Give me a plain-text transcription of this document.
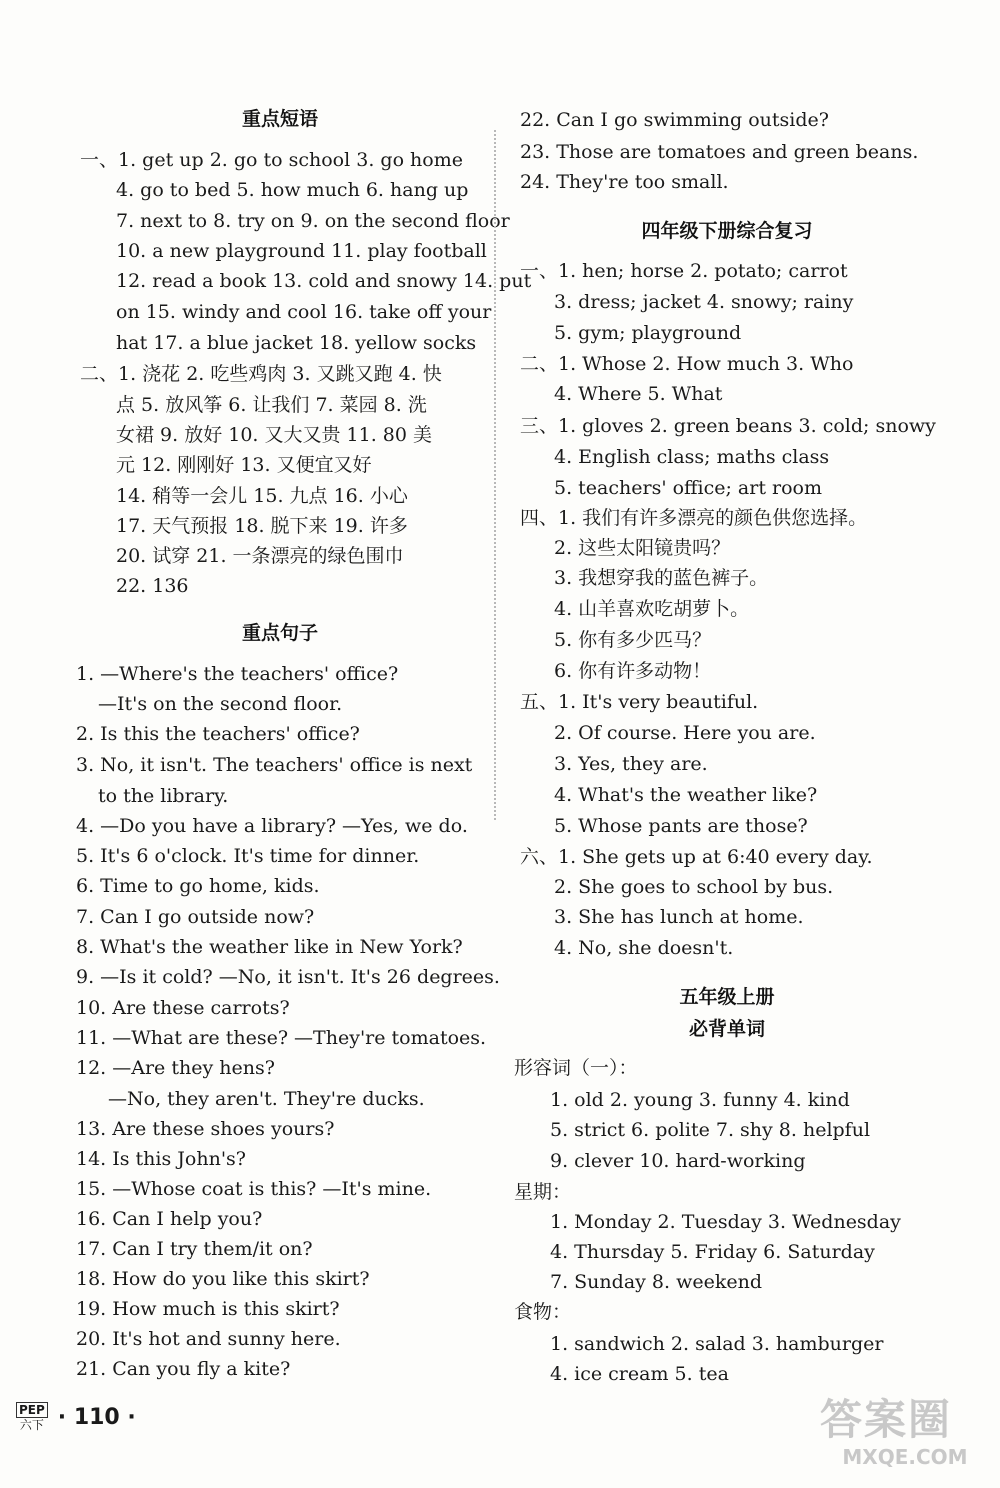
重点短语
一、1. get up 2. go to school 3. go home
4. go to bed 5. how much 6. hang up
7. next to 8. try on 9. on the second floor
10. a new playground 11. play football
12. read a book 13. cold and snowy 14. put
on 15. windy and cool 16. take off your
hat 17. a blue jacket 18. yellow socks
二、1. 浇花 2. 吃些鸡肉 3. 又跳又跑 4. 快
点 5. 放风筝 6. 让我们 7. 菜园 8. 洗
女裙 9. 放好 10. 又大又贵 11. 80 美
元 12. 刚刚好 13. 又便宜又好
14. 稍等一会儿 15. 九点 16. 小心
17. 天气预报 18. 脱下来 19. 许多
20. 试穿 21. 一条漂亮的绿色围巾
22. 136
重点句子
1. —Where's the teachers' office?
—It's on the second floor.
2. Is this the teachers' office?
3. No, it isn't. The teachers' office is next
to the library.
4. —Do you have a library? —Yes, we do.
5. It's 6 o'clock. It's time for dinner.
6. Time to go home, kids.
7. Can I go outside now?
8. What's the weather like in New York?
9. —Is it cold? —No, it isn't. It's 26 degrees.
10. Are these carrots?
11. —What are these? —They're tomatoes.
12. —Are they hens?
—No, they aren't. They're ducks.
13. Are these shoes yours?
14. Is this John's?
15. —Whose coat is this? —It's mine.
16. Can I help you?
17. Can I try them/it on?
18. How do you like this skirt?
19. How much is this skirt?
20. It's hot and sunny here.
21. Can you fly a kite?
22. Can I go swimming outside?
23. Those are tomatoes and green beans.
24. They're too small.
四年级下册综合复习
一、1. hen; horse 2. potato; carrot
3. dress; jacket 4. snowy; rainy
5. gym; playground
二、1. Whose 2. How much 3. Who
4. Where 5. What
三、1. gloves 2. green beans 3. cold; snowy
4. English class; maths class
5. teachers' office; art room
四、1. 我们有许多漂亮的颜色供您选择。
2. 这些太阳镜贵吗？
3. 我想穿我的蓝色裤子。
4. 山羊喜欢吃胡萝卜。
5. 你有多少匹马？
6. 你有许多动物！
五、1. It's very beautiful.
2. Of course. Here you are.
3. Yes, they are.
4. What's the weather like?
5. Whose pants are those?
六、1. She gets up at 6:40 every day.
2. She goes to school by bus.
3. She has lunch at home.
4. No, she doesn't.
五年级上册
必背单词
形容词（一）：
1. old 2. young 3. funny 4. kind
5. strict 6. polite 7. shy 8. helpful
9. clever 10. hard-working
星期：
1. Monday 2. Tuesday 3. Wednesday
4. Thursday 5. Friday 6. Saturday
7. Sunday 8. weekend
食物：
1. sandwich 2. salad 3. hamburger
4. ice cream 5. tea
PEP
六下 · 110 ·	答案圈
MXQE.COM
